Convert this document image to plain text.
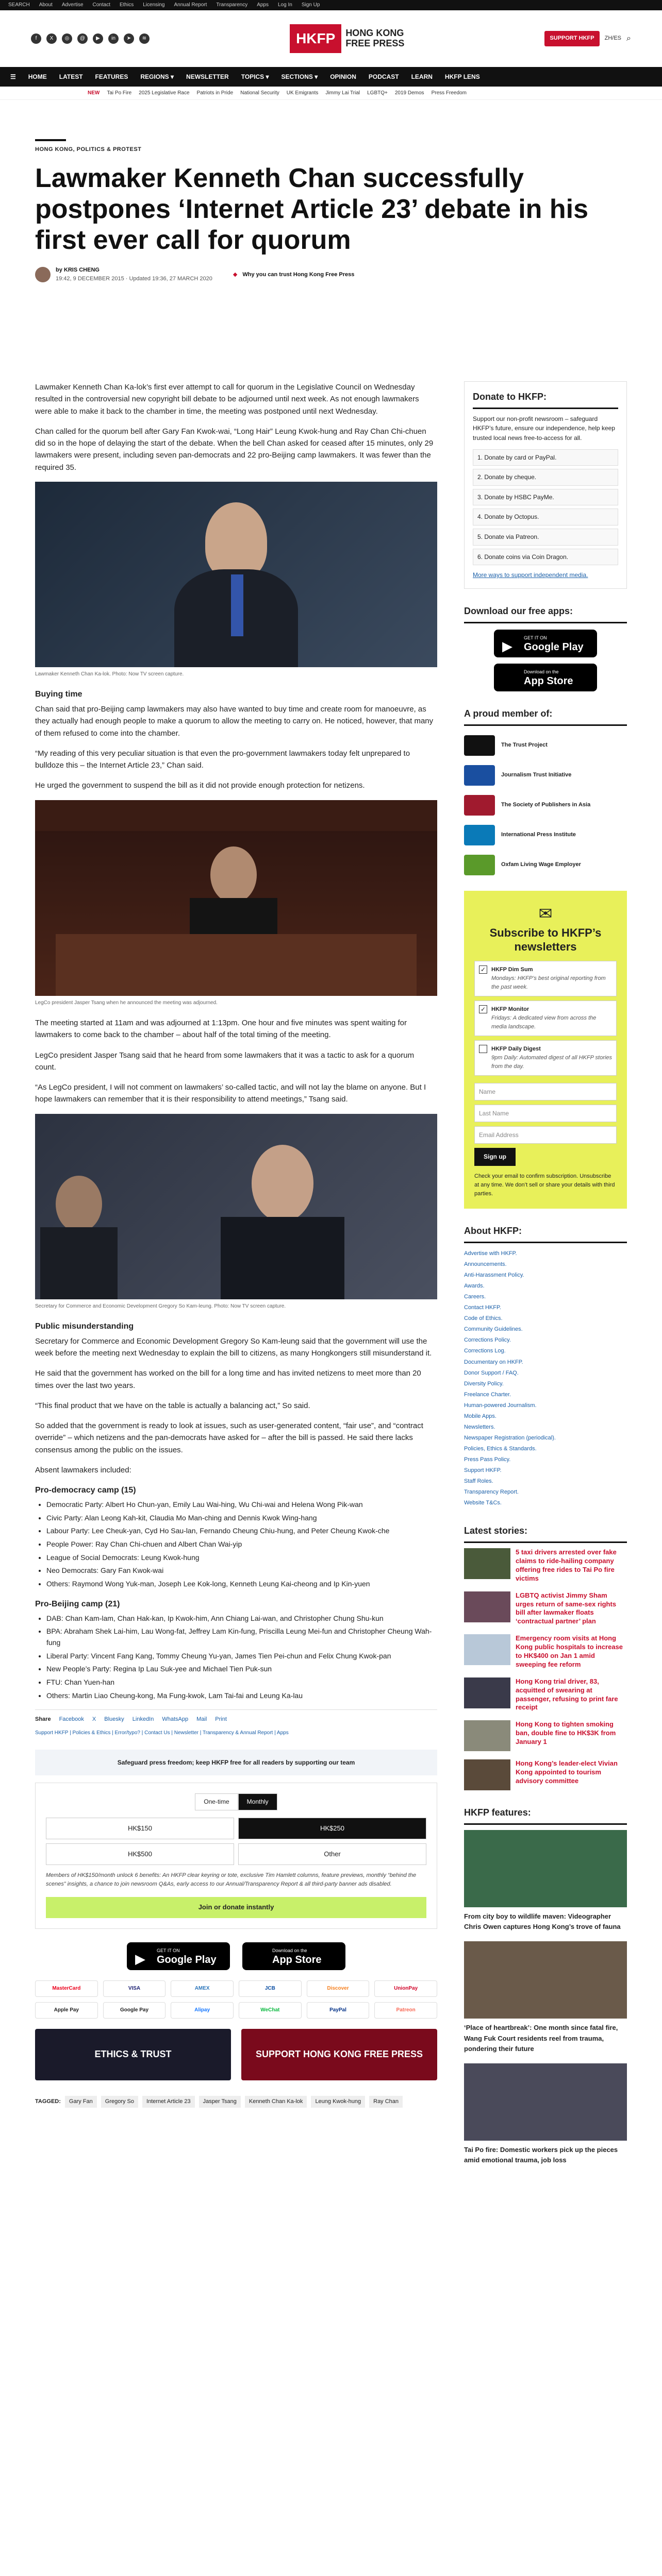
SEARCH About Advertise Contact Ethics Licensing Annual Report Transparency Apps Log In Sign Up
f	X	◎	@	▶	in	➤	≋	HKFP	HONG KONG
FREE PRESS	SUPPORT HKFP	ZH/ES ⌕
☰ HOME LATEST FEATURES REGIONS ▾ NEWSLETTER TOPICS ▾ SECTIONS ▾ OPINION PODCAST LEARN HKFP LENS
NEW Tai Po Fire 2025 Legislative Race Patriots in Pride National Security UK Emigrants Jimmy Lai Trial LGBTQ+ 2019 Demos Press Freedom
HONG KONG, POLITICS & PROTEST
Lawmaker Kenneth Chan successfully postpones ‘Internet Article 23’ debate in his first ever call for quorum
by KRIS CHENG
19:42, 9 DECEMBER 2015 · Updated 19:36, 27 MARCH 2020
◆ Why you can trust Hong Kong Free Press

Lawmaker Kenneth Chan Ka-lok’s first ever attempt to call for quorum in the Legislative Council on Wednesday resulted in the controversial new copyright bill debate to be adjourned until next week. As not enough lawmakers were able to make it back to the chamber in time, the meeting was postponed until next Wednesday.

Chan called for the quorum bell after Gary Fan Kwok-wai, “Long Hair” Leung Kwok-hung and Ray Chan Chi-chuen did so in the hope of delaying the start of the debate. When the bell Chan asked for ceased after 15 minutes, only 29 lawmakers were present, including seven pan-democrats and 22 pro-Beijing camp lawmakers. It was fewer than the required 35.

Lawmaker Kenneth Chan Ka-lok. Photo: Now TV screen capture.
Buying time

Chan said that pro-Beijing camp lawmakers may also have wanted to buy time and create room for manoeuvre, as they actually had enough people to make a quorum to allow the meeting to carry on. He noticed, however, that many of them refused to come into the chamber.

“My reading of this very peculiar situation is that even the pro-government lawmakers today felt unprepared to bulldoze this – the Internet Article 23,” Chan said.

He urged the government to suspend the bill as it did not provide enough protection for netizens.

LegCo president Jasper Tsang when he announced the meeting was adjourned.

The meeting started at 11am and was adjourned at 1:13pm. One hour and five minutes was spent waiting for lawmakers to come back to the chamber – about half of the total timing of the meeting.

LegCo president Jasper Tsang said that he heard from some lawmakers that it was a tactic to ask for a quorum count.

“As LegCo president, I will not comment on lawmakers’ so-called tactic, and will not lay the blame on anyone. But I hope lawmakers can remember that it is their responsibility to attend meetings,” Tsang said.

Secretary for Commerce and Economic Development Gregory So Kam-leung. Photo: Now TV screen capture.
Public misunderstanding

Secretary for Commerce and Economic Development Gregory So Kam-leung said that the government will use the week before the meeting next Wednesday to explain the bill to citizens, as many Hongkongers still misunderstand it.

He said that the government has worked on the bill for a long time and has invited netizens to meet more than 20 times over the last two years.

“This final product that we have on the table is actually a balancing act,” So said.

So added that the government is ready to look at issues, such as user-generated content, “fair use”, and “contract override” – which netizens and the pan-democrats have asked for – after the bill is passed. He said there lacks consensus among the public on the issues.

Absent lawmakers included:

Pro-democracy camp (15)
• Democratic Party: Albert Ho Chun-yan, Emily Lau Wai-hing, Wu Chi-wai and Helena Wong Pik-wan
• Civic Party: Alan Leong Kah-kit, Claudia Mo Man-ching and Dennis Kwok Wing-hang
• Labour Party: Lee Cheuk-yan, Cyd Ho Sau-lan, Fernando Cheung Chiu-hung, and Peter Cheung Kwok-che
• People Power: Ray Chan Chi-chuen and Albert Chan Wai-yip
• League of Social Democrats: Leung Kwok-hung
• Neo Democrats: Gary Fan Kwok-wai
• Others: Raymond Wong Yuk-man, Joseph Lee Kok-long, Kenneth Leung Kai-cheong and Ip Kin-yuen
Pro-Beijing camp (21)
• DAB: Chan Kam-lam, Chan Hak-kan, Ip Kwok-him, Ann Chiang Lai-wan, and Christopher Chung Shu-kun
• BPA: Abraham Shek Lai-him, Lau Wong-fat, Jeffrey Lam Kin-fung, Priscilla Leung Mei-fun and Christopher Cheung Wah-fung
• Liberal Party: Vincent Fang Kang, Tommy Cheung Yu-yan, James Tien Pei-chun and Felix Chung Kwok-pan
• New People’s Party: Regina Ip Lau Suk-yee and Michael Tien Puk-sun
• FTU: Chan Yuen-han
• Others: Martin Liao Cheung-kong, Ma Fung-kwok, Lam Tai-fai and Leung Ka-lau
Share Facebook X Bluesky LinkedIn WhatsApp Mail Print
Support HKFP | Policies & Ethics | Error/typo? | Contact Us | Newsletter | Transparency & Annual Report | Apps
Safeguard press freedom; keep HKFP free for all readers by supporting our team
One-time	Monthly
HK$150	HK$250
HK$500	Other

Members of HK$150/month unlock 6 benefits: An HKFP clear keyring or tote, exclusive Tim Hamlett columns, feature previews, monthly “behind the scenes” insights, a chance to join newsroom Q&As, early access to our Annual/Transparency Report & all third-party banner ads disabled.

Join or donate instantly
▶
GET IT ON
Google Play
Download on the
App Store
MasterCard	VISA	AMEX	JCB	Discover	UnionPay
Apple Pay	Google Pay	Alipay	WeChat	PayPal	Patreon
ETHICS & TRUST	SUPPORT HONG KONG FREE PRESS
TAGGED:	Gary Fan	Gregory So	Internet Article 23	Jasper Tsang	Kenneth Chan Ka-lok	Leung Kwok-hung	Ray Chan
Donate to HKFP:

Support our non-profit newsroom – safeguard HKFP’s future, ensure our independence, help keep trusted local news free-to-access for all.

1. Donate by card or PayPal.
2. Donate by cheque.
3. Donate by HSBC PayMe.
4. Donate by Octopus.
5. Donate via Patreon.
6. Donate coins via Coin Dragon.
More ways to support independent media.
Download our free apps:
▶
GET IT ON
Google Play
Download on the
App Store
A proud member of:
The Trust Project
Journalism Trust Initiative
The Society of Publishers in Asia
International Press Institute
Oxfam Living Wage Employer
✉
Subscribe to HKFP’s newsletters
✓ HKFP Dim Sum
Mondays: HKFP’s best original reporting from the past week.
✓ HKFP Monitor
Fridays: A dedicated view from across the media landscape.
HKFP Daily Digest
9pm Daily: Automated digest of all HKFP stories from the day.
Name
Last Name
Email Address
Sign up

Check your email to confirm subscription. Unsubscribe at any time. We don’t sell or share your details with third parties.

About HKFP:
Advertise with HKFP.
Announcements.
Anti-Harassment Policy.
Awards.
Careers.
Contact HKFP.
Code of Ethics.
Community Guidelines.
Corrections Policy.
Corrections Log.
Documentary on HKFP.
Donor Support / FAQ.
Diversity Policy.
Freelance Charter.
Human-powered Journalism.
Mobile Apps.
Newsletters.
Newspaper Registration (periodical).
Policies, Ethics & Standards.
Press Pass Policy.
Support HKFP.
Staff Roles.
Transparency Report.
Website T&Cs.
Latest stories:
5 taxi drivers arrested over fake claims to ride-hailing company offering free rides to Tai Po fire victims
LGBTQ activist Jimmy Sham urges return of same-sex rights bill after lawmaker floats ‘contractual partner’ plan
Emergency room visits at Hong Kong public hospitals to increase to HK$400 on Jan 1 amid sweeping fee reform
Hong Kong trial driver, 83, acquitted of swearing at passenger, refusing to print fare receipt
Hong Kong to tighten smoking ban, double fine to HK$3K from January 1
Hong Kong’s leader-elect Vivian Kong appointed to tourism advisory committee
HKFP features:
From city boy to wildlife maven: Videographer Chris Owen captures Hong Kong’s trove of fauna
‘Place of heartbreak’: One month since fatal fire, Wang Fuk Court residents reel from trauma, pondering their future
Tai Po fire: Domestic workers pick up the pieces amid emotional trauma, job loss
